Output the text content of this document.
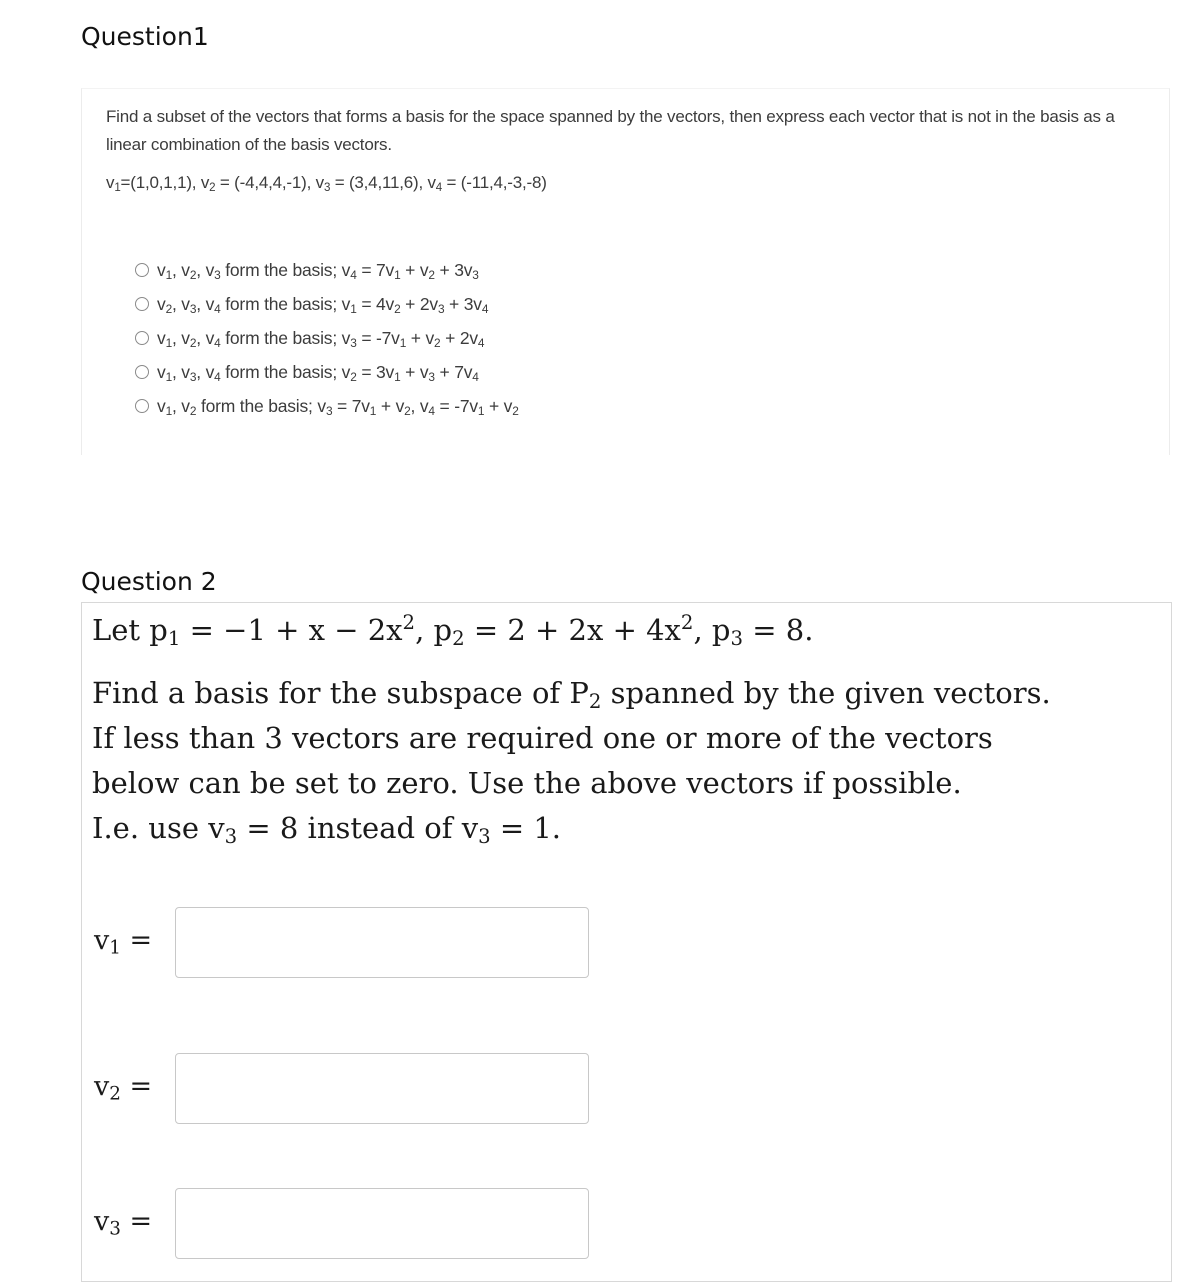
Question1
Find a subset of the vectors that forms a basis for the space spanned by the vectors, then express each vector that is not in the basis as a linear combination of the basis vectors.
$v_1=(1,0,1,1)$, $v_2 = (-4,4,4,-1)$, $v_3 = (3,4,11,6)$, $v_4 = (-11,4,-3,-8)$
$v_1$, $v_2$, $v_3$ form the basis; $v_4 = 7v_1 + v_2 + 3v_3$
$v_2$, $v_3$, $v_4$ form the basis; $v_1 = 4v_2 + 2v_3 + 3v_4$
$v_1$, $v_2$, $v_4$ form the basis; $v_3 = -7v_1 + v_2 + 2v_4$
$v_1$, $v_3$, $v_4$ form the basis; $v_2 = 3v_1 + v_3 + 7v_4$
$v_1$, $v_2$ form the basis; $v_3 = 7v_1 + v_2$, $v_4 = -7v_1 + v_2$
Question 2
Let $p_1 = -1 + x - 2x^2$, $p_2 = 2 + 2x + 4x^2$, $p_3 = 8$.
Find a basis for the subspace of $P_2$ spanned by the given vectors.
If less than 3 vectors are required one or more of the vectors
below can be set to zero. Use the above vectors if possible.
I.e. use $v_3 = 8$ instead of $v_3 = 1$.
$v_1$ =
$v_2$ =
$v_3$ =
